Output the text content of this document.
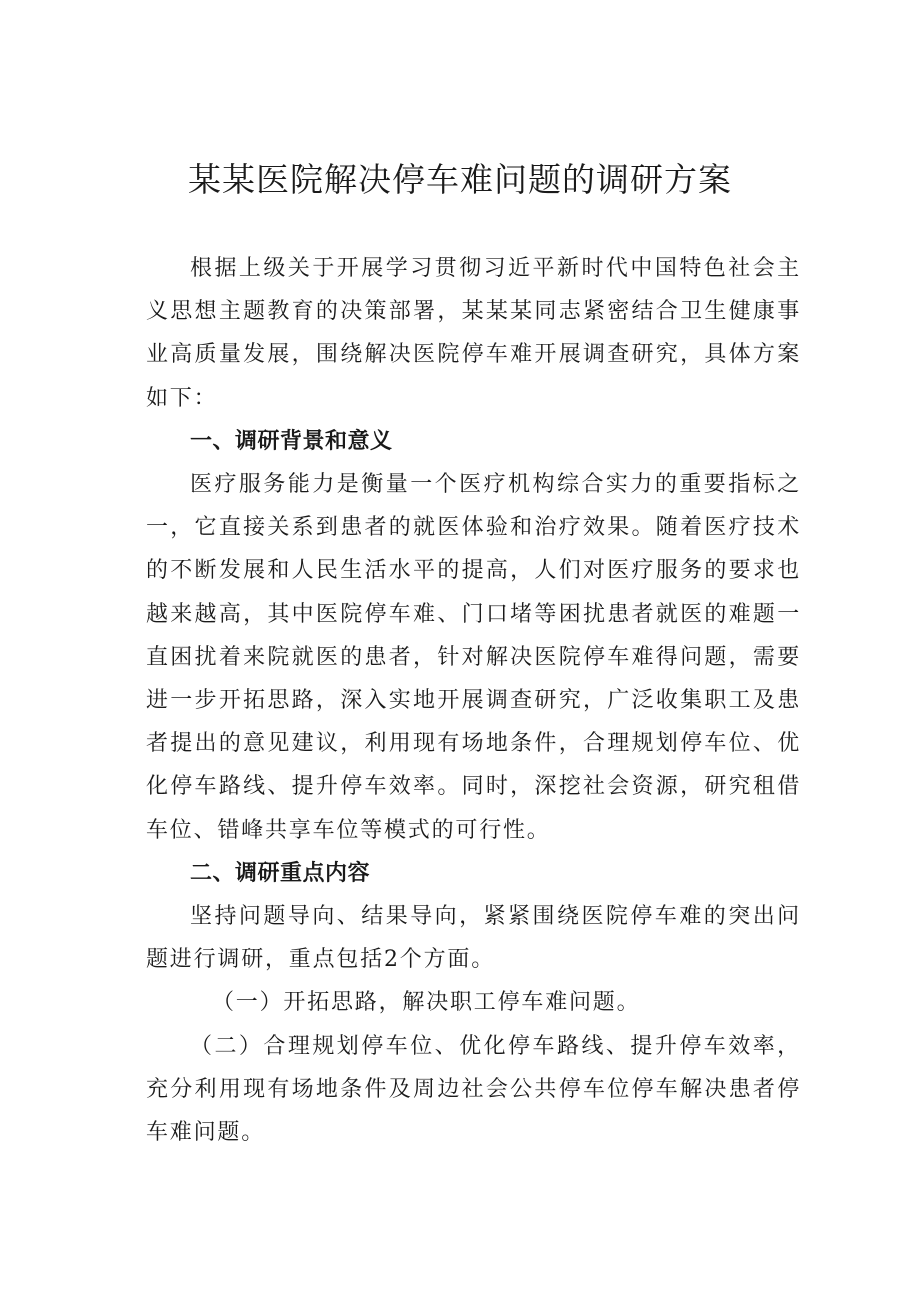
某某医院解决停车难问题的调研方案

根据上级关于开展学习贯彻习近平新时代中国特色社会主义思想主题教育的决策部署，某某某同志紧密结合卫生健康事业高质量发展，围绕解决医院停车难开展调查研究，具体方案如下：

一、调研背景和意义

医疗服务能力是衡量一个医疗机构综合实力的重要指标之一，它直接关系到患者的就医体验和治疗效果。随着医疗技术的不断发展和人民生活水平的提高，人们对医疗服务的要求也越来越高，其中医院停车难、门口堵等困扰患者就医的难题一直困扰着来院就医的患者，针对解决医院停车难得问题，需要进一步开拓思路，深入实地开展调查研究，广泛收集职工及患者提出的意见建议，利用现有场地条件，合理规划停车位、优化停车路线、提升停车效率。同时，深挖社会资源，研究租借车位、错峰共享车位等模式的可行性。

二、调研重点内容

坚持问题导向、结果导向，紧紧围绕医院停车难的突出问题进行调研，重点包括2个方面。

（一）开拓思路，解决职工停车难问题。

（二）合理规划停车位、优化停车路线、提升停车效率，充分利用现有场地条件及周边社会公共停车位停车解决患者停车难问题。
